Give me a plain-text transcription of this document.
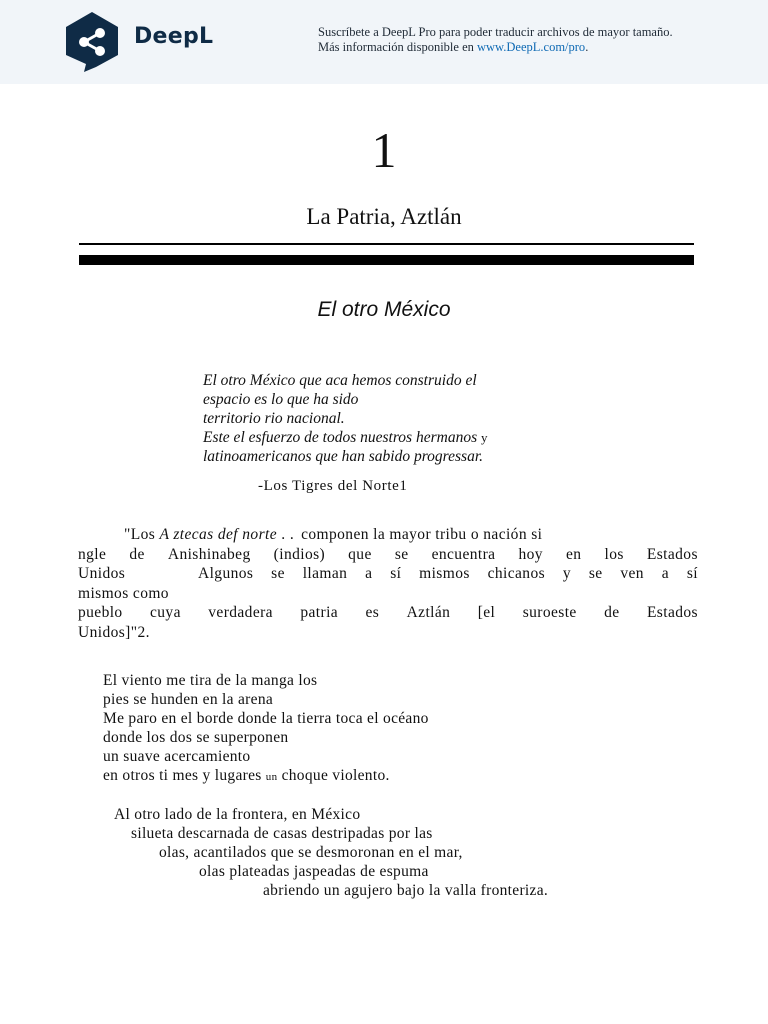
DeepL	Suscríbete a DeepL Pro para poder traducir archivos de mayor tamaño.
Más información disponible en www.DeepL.com/pro.
1
La Patria, Aztlán
El otro México
El otro México que aca hemos construido el
espacio es lo que ha sido
territorio rio nacional.
Este el esfuerzo de todos nuestros hermanos y
latinoamericanos que han sabido progressar.
-Los Tigres del Norte1
"Los A ztecas def norte . . componen la mayor tribu o nación si
ngle de Anishinabeg (indios) que se encuentra hoy en los Estados
Unidos	Algunos se llaman a sí mismos chicanos y se ven a sí
mismos como
pueblo cuya verdadera patria es Aztlán [el suroeste de Estados
Unidos]"2.
El viento me tira de la manga los
pies se hunden en la arena
Me paro en el borde donde la tierra toca el océano
donde los dos se superponen
un suave acercamiento
en otros ti mes y lugares un choque violento.
Al otro lado de la frontera, en México
silueta descarnada de casas destripadas por las
olas, acantilados que se desmoronan en el mar,
olas plateadas jaspeadas de espuma
abriendo un agujero bajo la valla fronteriza.
